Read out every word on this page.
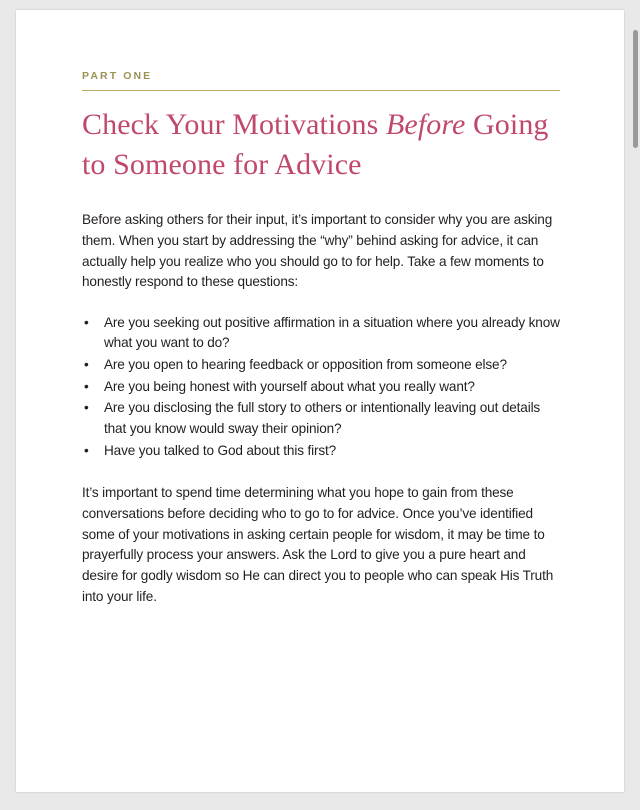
PART ONE
Check Your Motivations Before Going to Someone for Advice

Before asking others for their input, it’s important to consider why you are asking them. When you start by addressing the “why” behind asking for advice, it can actually help you realize who you should go to for help. Take a few moments to honestly respond to these questions:

• Are you seeking out positive affirmation in a situation where you already know what you want to do?
• Are you open to hearing feedback or opposition from someone else?
• Are you being honest with yourself about what you really want?
• Are you disclosing the full story to others or intentionally leaving out details that you know would sway their opinion?
• Have you talked to God about this first?

It’s important to spend time determining what you hope to gain from these conversations before deciding who to go to for advice. Once you’ve identified some of your motivations in asking certain people for wisdom, it may be time to prayerfully process your answers. Ask the Lord to give you a pure heart and desire for godly wisdom so He can direct you to people who can speak His Truth into your life.
